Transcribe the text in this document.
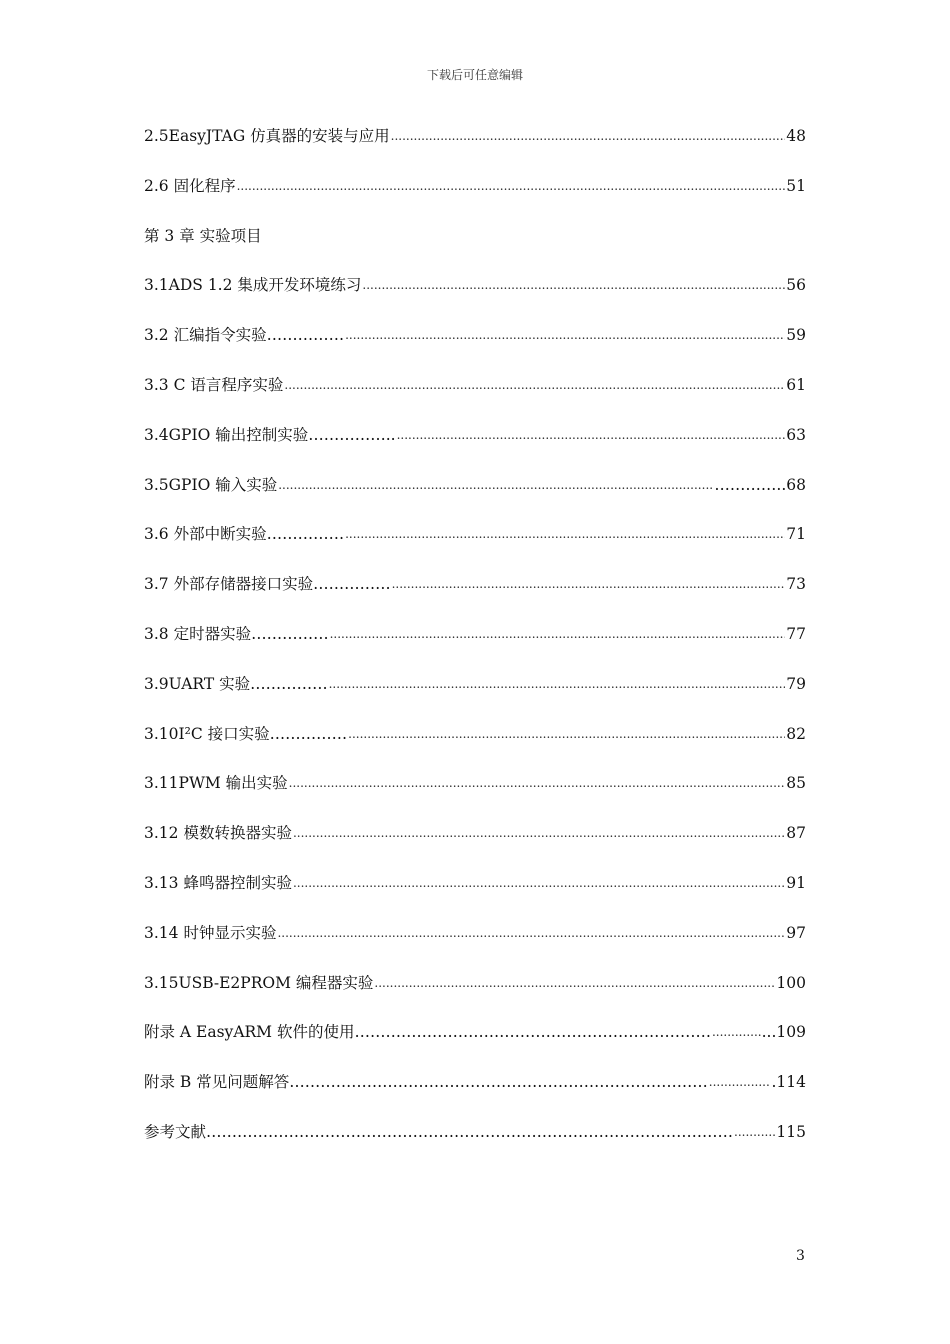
下载后可任意编辑
2.5EasyJTAG 仿真器的安装与应用 .....	48
2.6 固化程序 .....	51
第 3 章 实验项目
3.1ADS 1.2 集成开发环境练习 .....	56
3.2 汇编指令实验…………… .....	59
3.3 C 语言程序实验 .....	61
3.4GPIO 输出控制实验…………….. .....	63
3.5GPIO 输入实验 .....	…………..68
3.6 外部中断实验…………… .....	71
3.7 外部存储器接口实验…………… .....	73
3.8 定时器实验…………… .....	77
3.9UART 实验…………… .....	79
3.10I²C 接口实验…………… .....	82
3.11PWM 输出实验 .....	85
3.12 模数转换器实验 .....	87
3.13 蜂鸣器控制实验 .....	91
3.14 时钟显示实验 .....	97
3.15USB-E2PROM 编程器实验 .....	100
附录 A EasyARM 软件的使用…………………………………………………………… .....	...109
附录 B 常见问题解答……………………………………………………………………… .....	.114
参考文献………………………………………………………………………………………… .....	115
3
